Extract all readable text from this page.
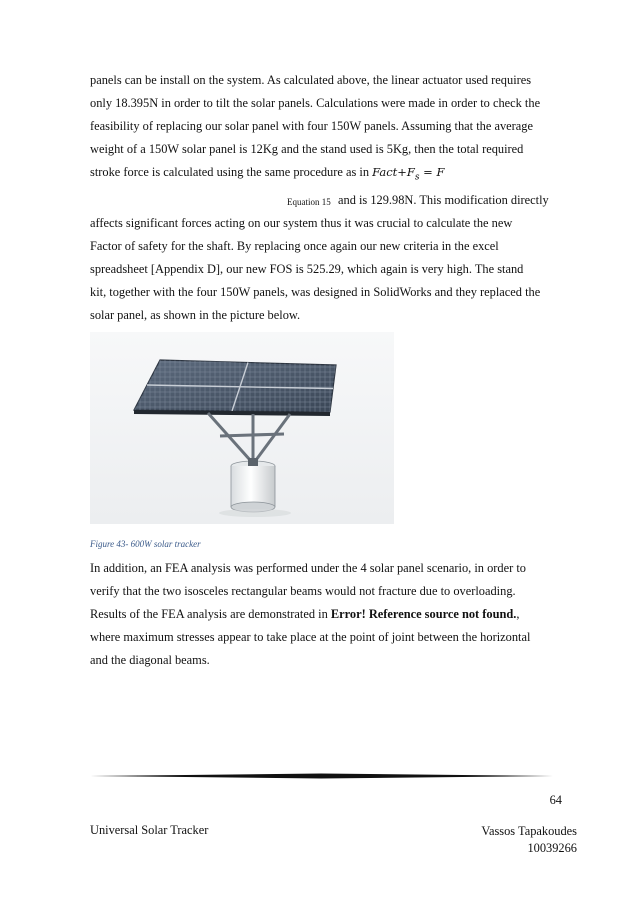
panels can be install on the system. As calculated above, the linear actuator used requires
only 18.395N in order to tilt the solar panels. Calculations were made in order to check the
feasibility of replacing our solar panel with four 150W panels. Assuming that the average
weight of a 150W solar panel is 12Kg and the stand used is 5Kg, then the total required
stroke force is calculated using the same procedure as in $Fact+F_s = F$
Equation 15 and is 129.98N. This modification directly
affects significant forces acting on our system thus it was crucial to calculate the new
Factor of safety for the shaft. By replacing once again our new criteria in the excel
spreadsheet [Appendix D], our new FOS is 525.29, which again is very high. The stand
kit, together with the four 150W panels, was designed in SolidWorks and they replaced the
solar panel, as shown in the picture below.

Figure 43- 600W solar tracker

In addition, an FEA analysis was performed under the 4 solar panel scenario, in order to
verify that the two isosceles rectangular beams would not fracture due to overloading.
Results of the FEA analysis are demonstrated in Error! Reference source not found.,
where maximum stresses appear to take place at the point of joint between the horizontal
and the diagonal beams.
64
Universal Solar Tracker	Vassos Tapakoudes
10039266
